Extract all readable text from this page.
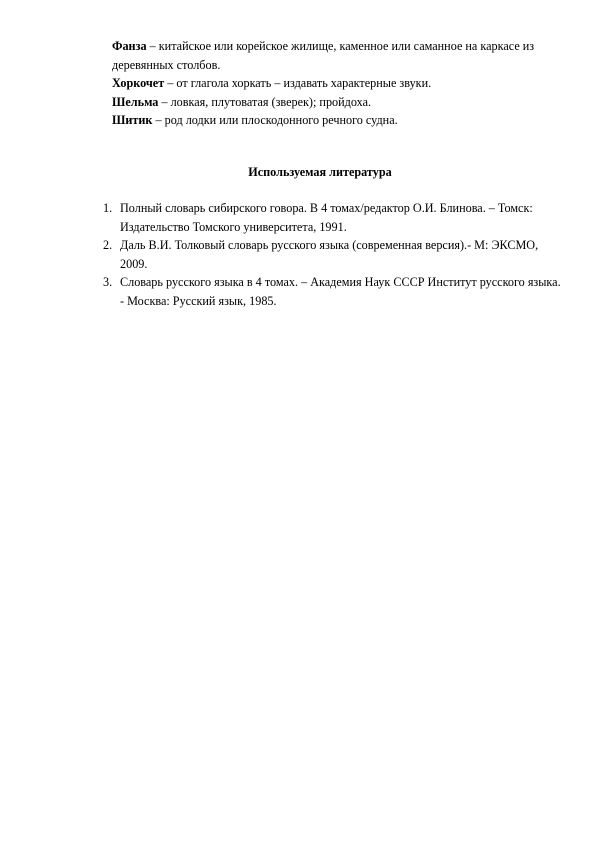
Фанза – китайское или корейское жилище, каменное или саманное на каркасе из деревянных столбов.

Хоркочет – от глагола хоркать – издавать характерные звуки.

Шельма – ловкая, плутоватая (зверек); пройдоха.

Шитик – род лодки или плоскодонного речного судна.

Используемая литература
1. Полный словарь сибирского говора. В 4 томах/редактор О.И. Блинова. – Томск: Издательство Томского университета, 1991.
2. Даль В.И. Толковый словарь русского языка (современная версия).- М: ЭКСМО, 2009.
3. Словарь русского языка в 4 томах. – Академия Наук СССР Институт русского языка. - Москва: Русский язык, 1985.
